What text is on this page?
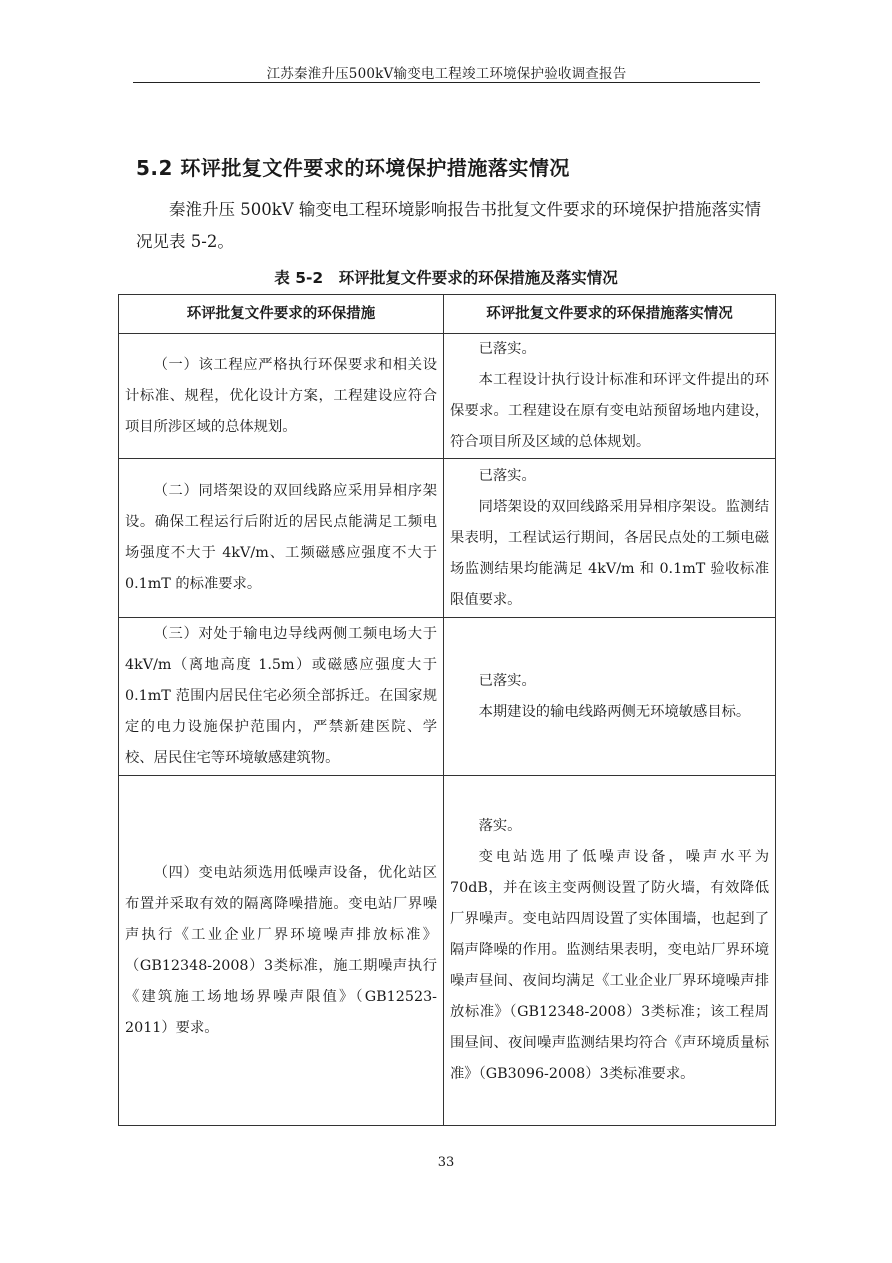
江苏秦淮升压500kV输变电工程竣工环境保护验收调查报告
5.2 环评批复文件要求的环境保护措施落实情况
秦淮升压 500kV 输变电工程环境影响报告书批复文件要求的环境保护措施落实情况见表 5-2。
表 5-2　环评批复文件要求的环保措施及落实情况
环评批复文件要求的环保措施	环评批复文件要求的环保措施落实情况

（一）该工程应严格执行环保要求和相关设计标准、规程，优化设计方案，工程建设应符合项目所涉区域的总体规划。	已落实。
本工程设计执行设计标准和环评文件提出的环保要求。工程建设在原有变电站预留场地内建设，符合项目所及区域的总体规划。

（二）同塔架设的双回线路应采用异相序架设。确保工程运行后附近的居民点能满足工频电场强度不大于 4kV/m、工频磁感应强度不大于 0.1mT 的标准要求。	已落实。
同塔架设的双回线路采用异相序架设。监测结果表明，工程试运行期间，各居民点处的工频电磁场监测结果均能满足 4kV/m 和 0.1mT 验收标准限值要求。

（三）对处于输电边导线两侧工频电场大于 4kV/m（离地高度 1.5m）或磁感应强度大于 0.1mT 范围内居民住宅必须全部拆迁。在国家规定的电力设施保护范围内，严禁新建医院、学校、居民住宅等环境敏感建筑物。	已落实。
本期建设的输电线路两侧无环境敏感目标。

（四）变电站须选用低噪声设备，优化站区布置并采取有效的隔离降噪措施。变电站厂界噪声执行《工业企业厂界环境噪声排放标准》（GB12348-2008）3类标准，施工期噪声执行《建筑施工场地场界噪声限值》（GB12523-2011）要求。	落实。
变电站选用了低噪声设备，噪声水平为 70dB，并在该主变两侧设置了防火墙，有效降低厂界噪声。变电站四周设置了实体围墙，也起到了隔声降噪的作用。监测结果表明，变电站厂界环境噪声昼间、夜间均满足《工业企业厂界环境噪声排放标准》（GB12348-2008）3类标准；该工程周围昼间、夜间噪声监测结果均符合《声环境质量标准》（GB3096-2008）3类标准要求。
33
